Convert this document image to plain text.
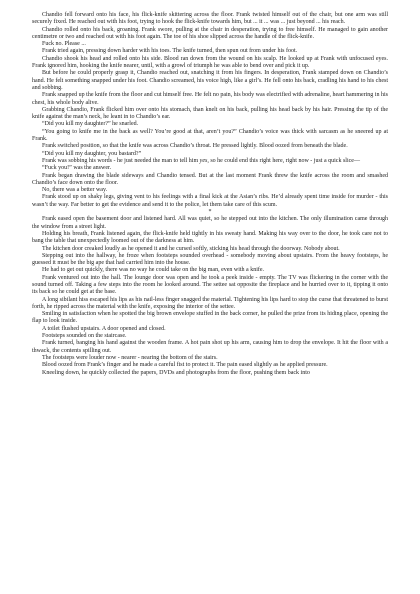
Chandio fell forward onto his face, his flick-knife skittering across the floor. Frank twisted himself out of the chair, but one arm was still securely fixed. He reached out with his foot, trying to hook the flick-knife towards him, but ... it ... was ... just beyond ... his reach.

Chandio rolled onto his back, groaning. Frank swore, pulling at the chair in desperation, trying to free himself. He managed to gain another centimetre or two and reached out with his foot again. The toe of his shoe slipped across the handle of the flick-knife.

Fuck no. Please ...

Frank tried again, pressing down harder with his toes. The knife turned, then spun out from under his foot.

Chandio shook his head and rolled onto his side. Blood ran down from the wound on his scalp. He looked up at Frank with unfocused eyes. Frank ignored him, hooking the knife nearer, until, with a growl of triumph he was able to bend over and pick it up.

But before he could properly grasp it, Chandio reached out, snatching it from his fingers. In desperation, Frank stamped down on Chandio’s hand. He felt something snapped under his foot. Chandio screamed, his voice high, like a girl’s. He fell onto his back, cradling his hand to his chest and sobbing.

Frank snapped up the knife from the floor and cut himself free. He felt no pain, his body was electrified with adrenaline, heart hammering in his chest, his whole body alive.

Grabbing Chandio, Frank flicked him over onto his stomach, than knelt on his back, pulling his head back by his hair. Pressing the tip of the knife against the man’s neck, he leant in to Chandio’s ear.

“Did you kill my daughter?” he snarled.

“You going to knife me in the back as well? You’re good at that, aren’t you?” Chandio’s voice was thick with sarcasm as he sneered up at Frank.

Frank switched position, so that the knife was across Chandio’s throat. He pressed lightly. Blood oozed from beneath the blade.

“Did you kill my daughter, you bastard?”

Frank was sobbing his words - he just needed the man to tell him yes, so he could end this right here, right now - just a quick slice—

“Fuck you!” was the answer.

Frank began drawing the blade sideways and Chandio tensed. But at the last moment Frank threw the knife across the room and smashed Chandio’s face down onto the floor.

No, there was a better way.

Frank stood up on shaky legs, giving vent to his feelings with a final kick at the Asian’s ribs. He’d already spent time inside for murder - this wasn’t the way. Far better to get the evidence and send it to the police, let them take care of this scum.

*

Frank eased open the basement door and listened hard. All was quiet, so he stepped out into the kitchen. The only illumination came through the window from a street light.

Holding his breath, Frank listened again, the flick-knife held tightly in his sweaty hand. Making his way over to the door, he took care not to bang the table that unexpectedly loomed out of the darkness at him.

The kitchen door creaked loudly as he opened it and he cursed softly, sticking his head through the doorway. Nobody about.

Stepping out into the hallway, he froze when footsteps sounded overhead - somebody moving about upstairs. From the heavy footsteps, he guessed it must be the big ape that had carried him into the house.

He had to get out quickly, there was no way he could take on the big man, even with a knife.

Frank ventured out into the hall. The lounge door was open and he took a peek inside - empty. The TV was flickering in the corner with the sound turned off. Taking a few steps into the room he looked around. The settee sat opposite the fireplace and he hurried over to it, tipping it onto its back so he could get at the base.

A long sibilant hiss escaped his lips as his nail-less finger snagged the material. Tightening his lips hard to stop the curse that threatened to burst forth, he ripped across the material with the knife, exposing the interior of the settee.

Smiling in satisfaction when he spotted the big brown envelope stuffed in the back corner, he pulled the prize from its hiding place, opening the flap to look inside.

A toilet flushed upstairs. A door opened and closed.

Footsteps sounded on the staircase.

Frank turned, banging his hand against the wooden frame. A hot pain shot up his arm, causing him to drop the envelope. It hit the floor with a thwack, the contents spilling out.

The footsteps were louder now - nearer - nearing the bottom of the stairs.

Blood oozed from Frank’s finger and he made a careful fist to protect it. The pain eased slightly as he applied pressure.

Kneeling down, he quickly collected the papers, DVDs and photographs from the floor, pushing them back into
